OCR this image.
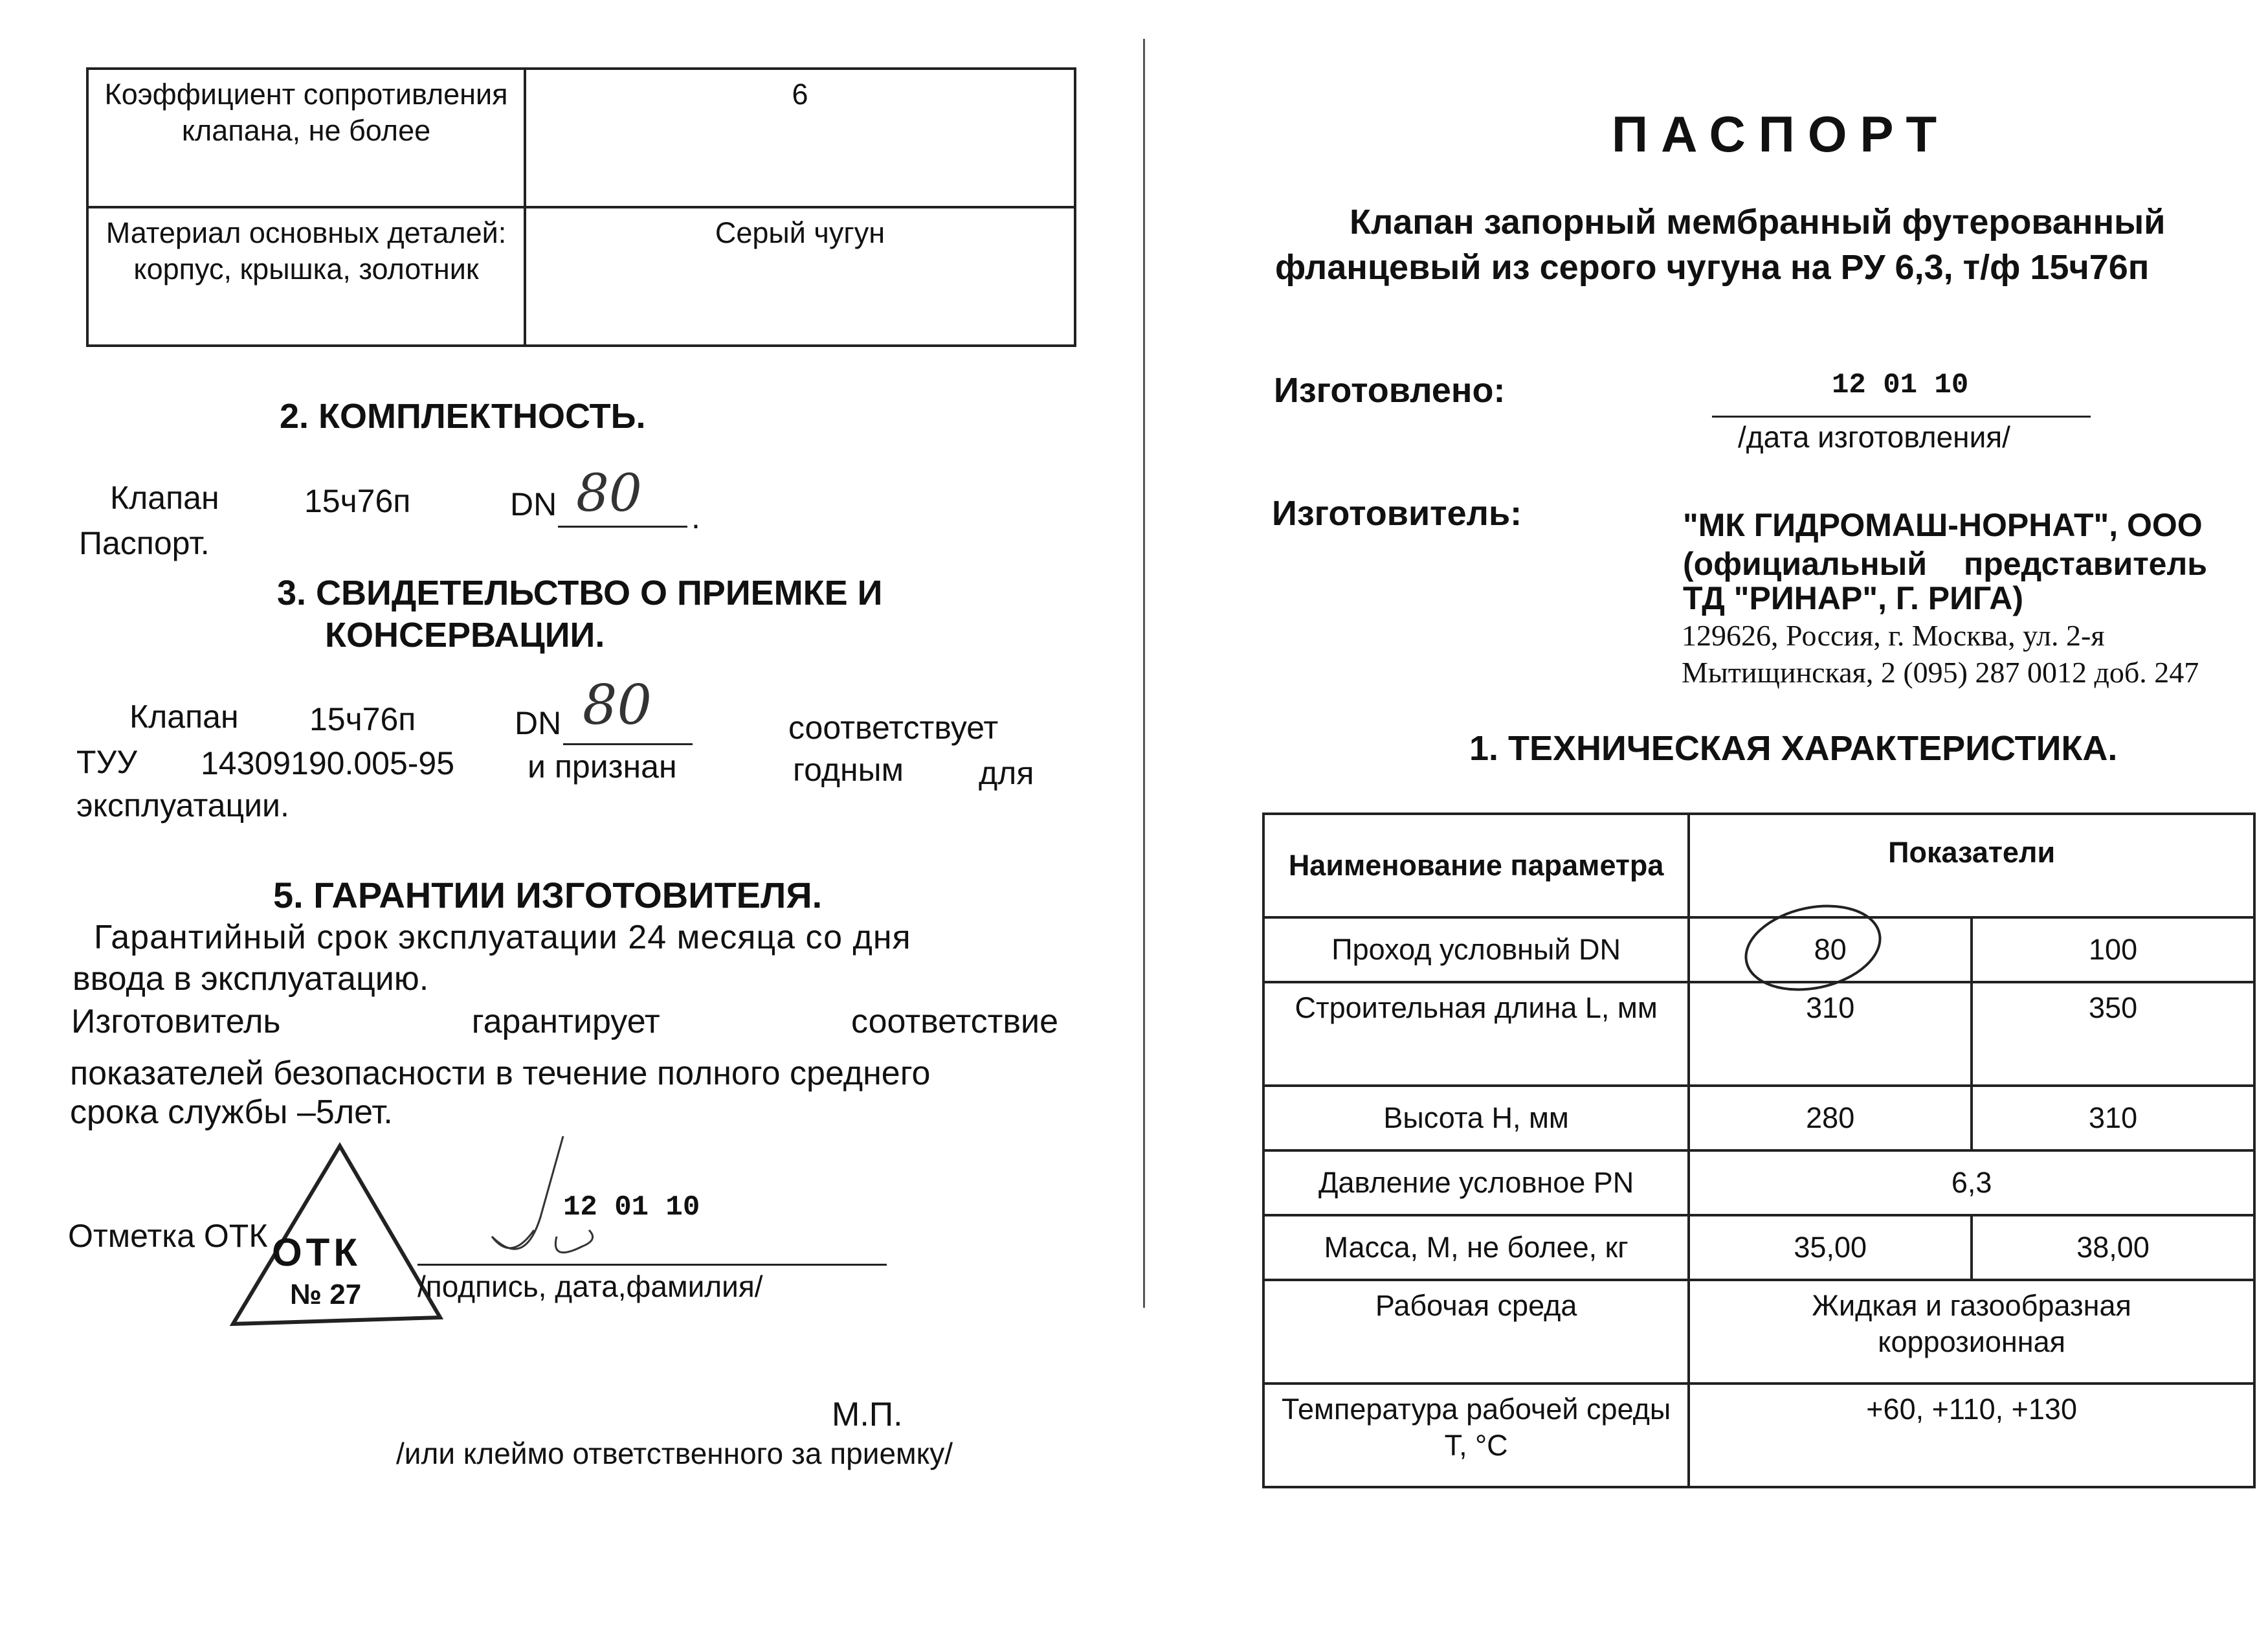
Коэффициент сопротивления клапана, не более	6
Материал основных деталей: корпус, крышка, золотник	Серый чугун
2. КОМПЛЕКТНОСТЬ.
Клапан	15ч76п	DN 80 .
Паспорт.
3. СВИДЕТЕЛЬСТВО О ПРИЕМКЕ И
КОНСЕРВАЦИИ.
Клапан 15ч76п	DN 80	соответствует
ТУУ 14309190.005-95 и признан	годным для
эксплуатации.
5. ГАРАНТИИ ИЗГОТОВИТЕЛЯ.
Гарантийный срок эксплуатации 24 месяца со дня
ввода в эксплуатацию.
Изготовитель гарантирует соответствие
показателей безопасности в течение полного среднего
срока службы –5лет.
Отметка ОТК ОТК
№ 27
12 01 10
/подпись, дата,фамилия/
М.П.
/или клеймо ответственного за приемку/
ПАСПОРТ
Клапан запорный мембранный футерованный
фланцевый из серого чугуна на РУ 6,3, т/ф 15ч76п
Изготовлено:	12 01 10
/дата изготовления/
Изготовитель:	"МК ГИДРОМАШ-НОРНАТ", ООО
(официальный представитель
ТД "РИНАР", Г. РИГА)
129626, Россия, г. Москва, ул. 2-я
Мытищинская, 2 (095) 287 0012 доб. 247
1. ТЕХНИЧЕСКАЯ ХАРАКТЕРИСТИКА.
Наименование параметра	Показатели	
Проход условный DN	80	100
Строительная длина L, мм	310	350
Высота H, мм	280	310
Давление условное PN	6,3	
Масса, М, не более, кг	35,00	38,00
Рабочая среда	Жидкая и газообразная коррозионная	
Температура рабочей среды T, °C	+60, +110, +130	
